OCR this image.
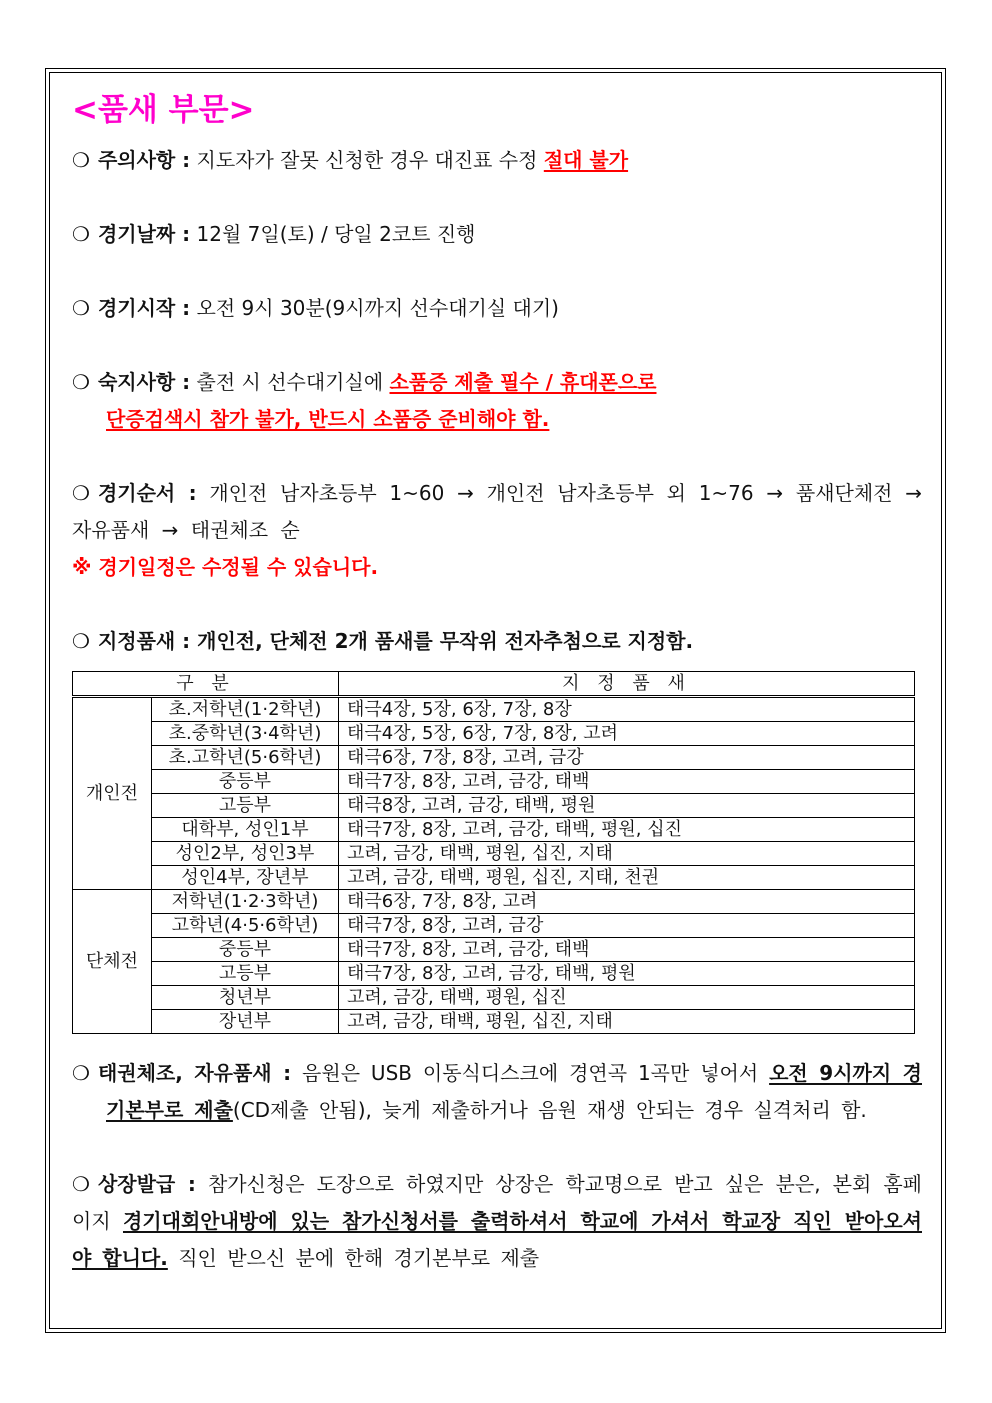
<품새 부문>

❍ 주의사항 : 지도자가 잘못 신청한 경우 대진표 수정 절대 불가

❍ 경기날짜 : 12월 7일(토) / 당일 2코트 진행

❍ 경기시작 : 오전 9시 30분(9시까지 선수대기실 대기)

❍ 숙지사항 : 출전 시 선수대기실에 소품증 제출 필수 / 휴대폰으로

단증검색시 참가 불가, 반드시 소품증 준비해야 함.

❍ 경기순서 : 개인전 남자초등부 1~60 → 개인전 남자초등부 외 1~76 → 품새단체전 → 자유품새 → 태권체조 순

※ 경기일정은 수정될 수 있습니다.

❍ 지정품새 : 개인전, 단체전 2개 품새를 무작위 전자추첨으로 지정함.

구 분		지 정 품 새
개인전	초.저학년(1·2학년)	태극4장, 5장, 6장, 7장, 8장
	초.중학년(3·4학년)	태극4장, 5장, 6장, 7장, 8장, 고려
	초.고학년(5·6학년)	태극6장, 7장, 8장, 고려, 금강
	중등부	태극7장, 8장, 고려, 금강, 태백
	고등부	태극8장, 고려, 금강, 태백, 평원
	대학부, 성인1부	태극7장, 8장, 고려, 금강, 태백, 평원, 십진
	성인2부, 성인3부	고려, 금강, 태백, 평원, 십진, 지태
	성인4부, 장년부	고려, 금강, 태백, 평원, 십진, 지태, 천권
단체전	저학년(1·2·3학년)	태극6장, 7장, 8장, 고려
	고학년(4·5·6학년)	태극7장, 8장, 고려, 금강
	중등부	태극7장, 8장, 고려, 금강, 태백
	고등부	태극7장, 8장, 고려, 금강, 태백, 평원
	청년부	고려, 금강, 태백, 평원, 십진
	장년부	고려, 금강, 태백, 평원, 십진, 지태

❍ 태권체조, 자유품새 : 음원은 USB 이동식디스크에 경연곡 1곡만 넣어서 오전 9시까지 경기본부로 제출(CD제출 안됨), 늦게 제출하거나 음원 재생 안되는 경우 실격처리 함.

❍ 상장발급 : 참가신청은 도장으로 하였지만 상장은 학교명으로 받고 싶은 분은, 본회 홈페이지 경기대회안내방에 있는 참가신청서를 출력하셔서 학교에 가셔서 학교장 직인 받아오셔야 합니다. 직인 받으신 분에 한해 경기본부로 제출
